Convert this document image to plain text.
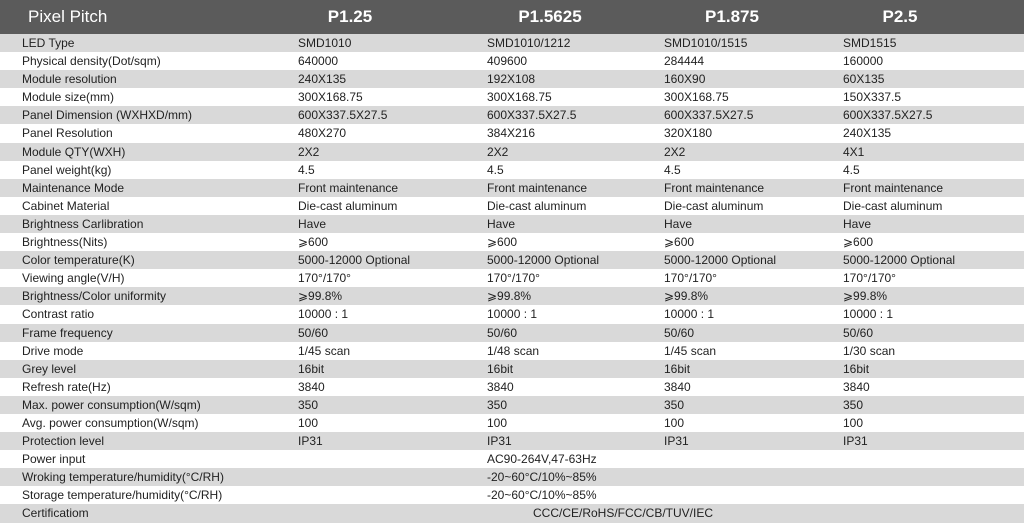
Pixel Pitch	P1.25	P1.5625	P1.875	P2.5
LED Type	SMD1010	SMD1010/1212	SMD1010/1515	SMD1515
Physical density(Dot/sqm)	640000	409600	284444	160000
Module resolution	240X135	192X108	160X90	60X135
Module size(mm)	300X168.75	300X168.75	300X168.75	150X337.5
Panel Dimension (WXHXD/mm)	600X337.5X27.5	600X337.5X27.5	600X337.5X27.5	600X337.5X27.5
Panel Resolution	480X270	384X216	320X180	240X135
Module QTY(WXH)	2X2	2X2	2X2	4X1
Panel weight(kg)	4.5	4.5	4.5	4.5
Maintenance Mode	Front maintenance	Front maintenance	Front maintenance	Front maintenance
Cabinet Material	Die-cast aluminum	Die-cast aluminum	Die-cast aluminum	Die-cast aluminum
Brightness Carlibration	Have	Have	Have	Have
Brightness(Nits)	⩾600	⩾600	⩾600	⩾600
Color temperature(K)	5000-12000 Optional	5000-12000 Optional	5000-12000 Optional	5000-12000 Optional
Viewing angle(V/H)	170°/170°	170°/170°	170°/170°	170°/170°
Brightness/Color uniformity	⩾99.8%	⩾99.8%	⩾99.8%	⩾99.8%
Contrast ratio	10000 : 1	10000 : 1	10000 : 1	10000 : 1
Frame frequency	50/60	50/60	50/60	50/60
Drive mode	1/45 scan	1/48 scan	1/45 scan	1/30 scan
Grey level	16bit	16bit	16bit	16bit
Refresh rate(Hz)	3840	3840	3840	3840
Max. power consumption(W/sqm)	350	350	350	350
Avg. power consumption(W/sqm)	100	100	100	100
Protection level	IP31	IP31	IP31	IP31
Power input	AC90-264V,47-63Hz
Wroking temperature/humidity(°C/RH)	-20~60°C/10%~85%
Storage temperature/humidity(°C/RH)	-20~60°C/10%~85%
Certificatiom	CCC/CE/RoHS/FCC/CB/TUV/IEC
